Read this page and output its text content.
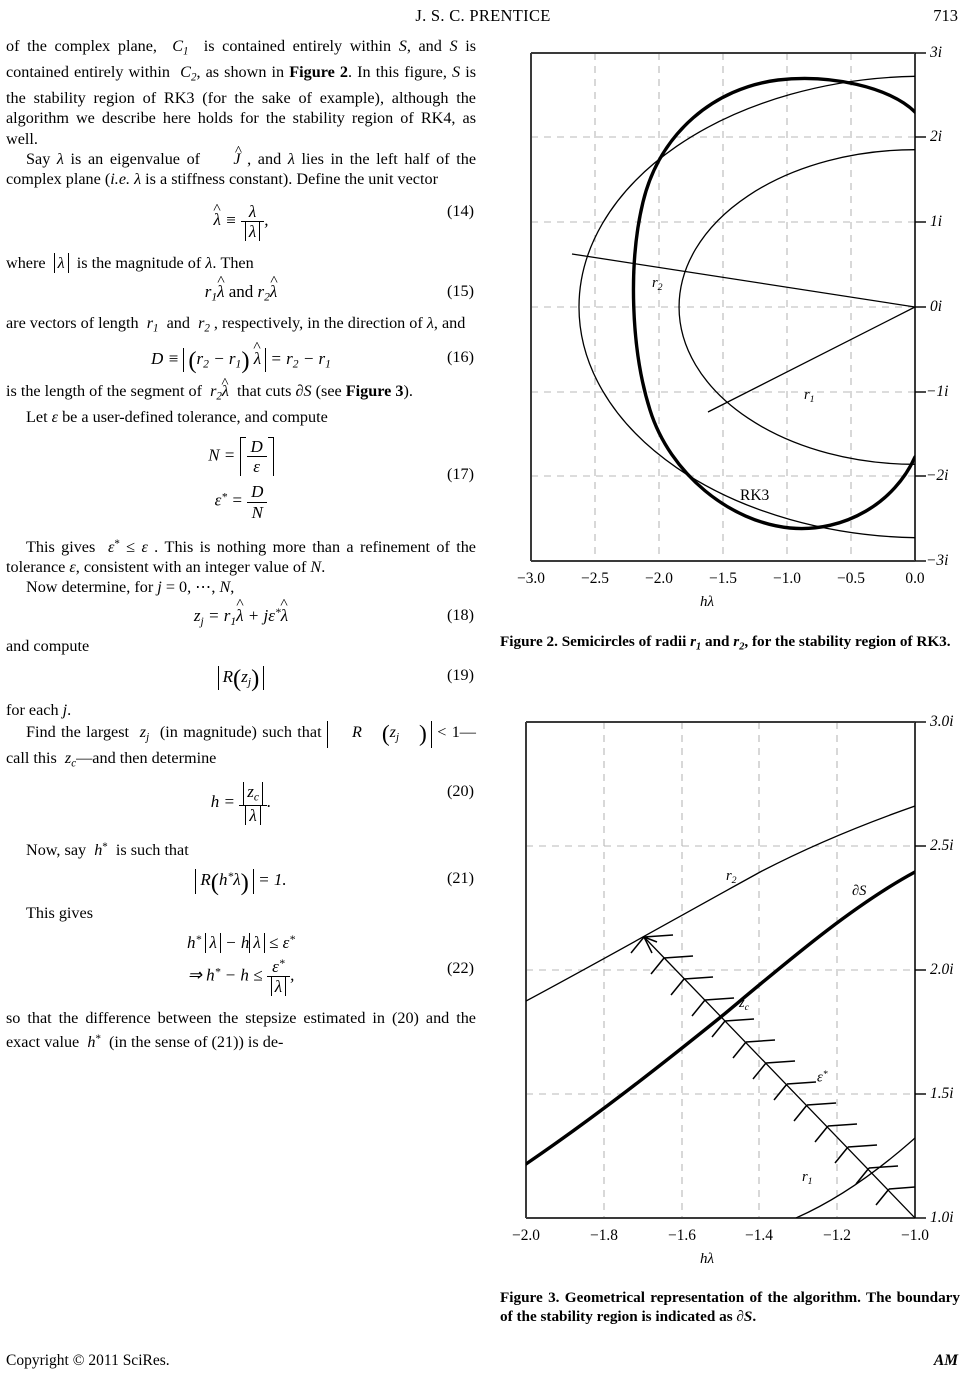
J. S. C. PRENTICE	713

of the complex plane,  $C_1$  is contained entirely within S, and S is contained entirely within  $C_2$, as shown in Figure 2. In this figure, S is the stability region of RK3 (for the sake of example), although the algorithm we describe here holds for the stability region of RK4, as well.

Say λ is an eigenvalue of  J ^ , and λ lies in the left half of the complex plane (i.e. λ is a stiffness constant). Define the unit vector

λ ^ ≡ $\frac{\lambda}{\lambda}$ ,	(14)

where  λ  is the magnitude of λ. Then

$r_1\lambda$ ^ and $r_2\lambda$ ^	(15)

are vectors of length  $r_1$  and  $r_2$ , respectively, in the direction of λ, and

$D \equiv (r_2 - r_1)$ λ ^ = $r_2 - r_1$	(16)

is the length of the segment of  $r_2\lambda$ ^  that cuts ∂S (see Figure 3).

Let ε be a user-defined tolerance, and compute

$N = \frac{D}{\varepsilon}$	(17)
$\varepsilon^* = \frac{D}{N}$

This gives  ε* ≤ ε . This is nothing more than a refinement of the tolerance ε, consistent with an integer value of N.

Now determine, for j = 0, ⋯, N,

$z_j = r_1\lambda$ ^ + jε*λ ^	(18)

and compute

$R(z_j)$	(19)

for each j.

Find the largest  $z_j$  (in magnitude) such that R ($z_j$ ) < 1—call this  $z_c—and$ then determine

$h = \frac{z_c}{\lambda}$ .
(20)

Now, say  h*  is such that

R(h*λ) = 1.	(21)

This gives

h* λ − h λ ≤ ε*
(22)
⇒ $h^* - h \le \frac{\varepsilon^*}{\lambda}$ ,

so that the difference between the stepsize estimated in (20) and the exact value  h*  (in the sense of (21)) is de-

$r_2$
$r_1$
RK3
3i
2i
1i
0i
−1i
−2i
−3i
−3.0	−2.5	−2.0	−1.5	−1.0	−0.5	0.0
hλ
Figure 2. Semicircles of radii $r_1$ and $r_2$, for the stability region of RK3.
$r_2$
∂S
$z_c$
ε*
$r_1$
3.0i
2.5i
2.0i
1.5i
1.0i
−2.0	−1.8	−1.6	−1.4	−1.2	−1.0
hλ
Figure 3. Geometrical representation of the algorithm. The boundary of the stability region is indicated as ∂S.
Copyright © 2011 SciRes.	AM
